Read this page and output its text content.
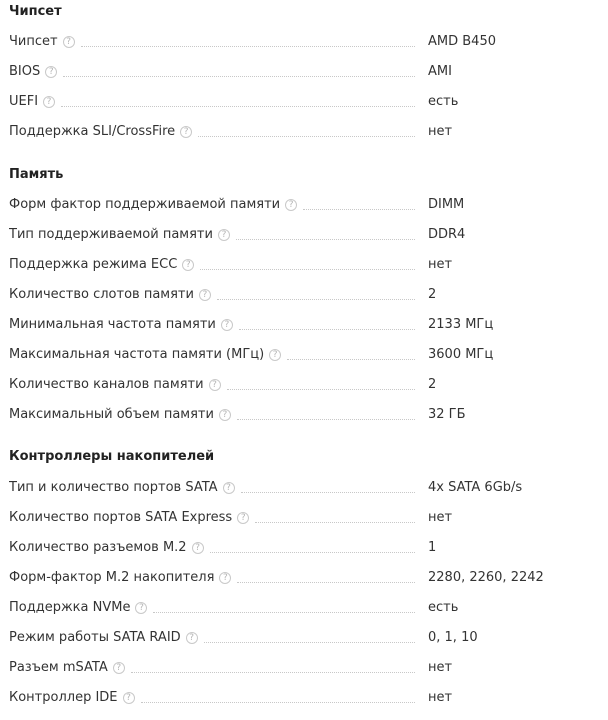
Чипсет
Чипсет ?	AMD B450
BIOS ?	AMI
UEFI ?	есть
Поддержка SLI/CrossFire ?	нет
Память
Форм фактор поддерживаемой памяти ?	DIMM
Тип поддерживаемой памяти ?	DDR4
Поддержка режима ECC ?	нет
Количество слотов памяти ?	2
Минимальная частота памяти ?	2133 МГц
Максимальная частота памяти (МГц) ?	3600 МГц
Количество каналов памяти ?	2
Максимальный объем памяти ?	32 ГБ
Контроллеры накопителей
Тип и количество портов SATA ?	4x SATA 6Gb/s
Количество портов SATA Express ?	нет
Количество разъемов M.2 ?	1
Форм-фактор M.2 накопителя ?	2280, 2260, 2242
Поддержка NVMe ?	есть
Режим работы SATA RAID ?	0, 1, 10
Разъем mSATA ?	нет
Контроллер IDE ?	нет
